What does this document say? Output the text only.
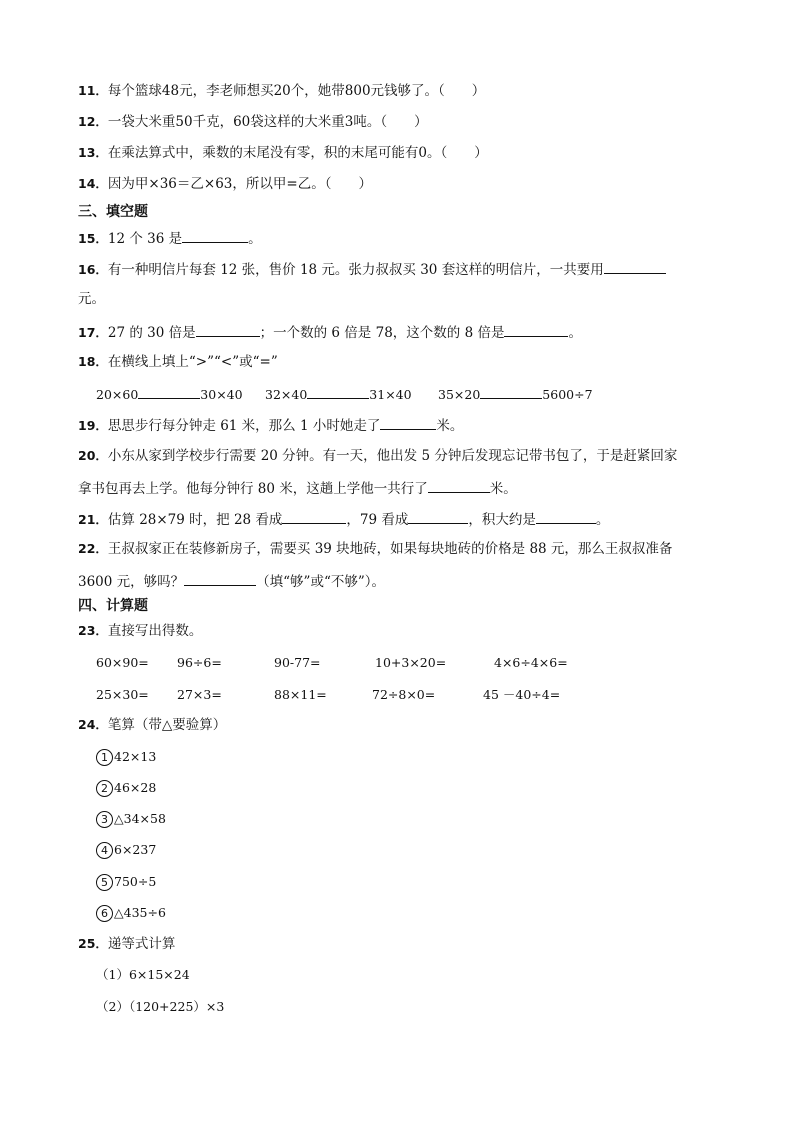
11．每个篮球48元，李老师想买20个，她带800元钱够了。（　　）
12．一袋大米重50千克，60袋这样的大米重3吨。（　　）
13．在乘法算式中，乘数的末尾没有零，积的末尾可能有0。（　　）
14．因为甲×36＝乙×63，所以甲=乙。（　　）
三、填空题
15．12 个 36 是	。
16．有一种明信片每套 12 张，售价 18 元。张力叔叔买 30 套这样的明信片，一共要用
元。
17．27 的 30 倍是	；一个数的 6 倍是 78，这个数的 8 倍是	。
18．在横线上填上“>”“<”或“=”
20×60	30×40 32×40	31×40 35×20	5600÷7
19．思思步行每分钟走 61 米，那么 1 小时她走了	米。
20．小东从家到学校步行需要 20 分钟。有一天，他出发 5 分钟后发现忘记带书包了，于是赶紧回家
拿书包再去上学。他每分钟行 80 米，这趟上学他一共行了	米。
21．估算 28×79 时，把 28 看成	，79 看成	，积大约是	。
22．王叔叔家正在装修新房子，需要买 39 块地砖，如果每块地砖的价格是 88 元，那么王叔叔准备
3600 元，够吗？	（填“够”或“不够”）。
四、计算题
23．直接写出得数。
60×90= 96÷6=	90-77=	10+3×20=	4×6÷4×6=
25×30= 27×3=	88×11=	72÷8×0=	45 －40÷4=
24．笔算（带△要验算）
1 42×13
2 46×28
3 △34×58
4 6×237
5 750÷5
6 △435÷6
25．递等式计算
（1）6×15×24
（2）（120+225）×3
